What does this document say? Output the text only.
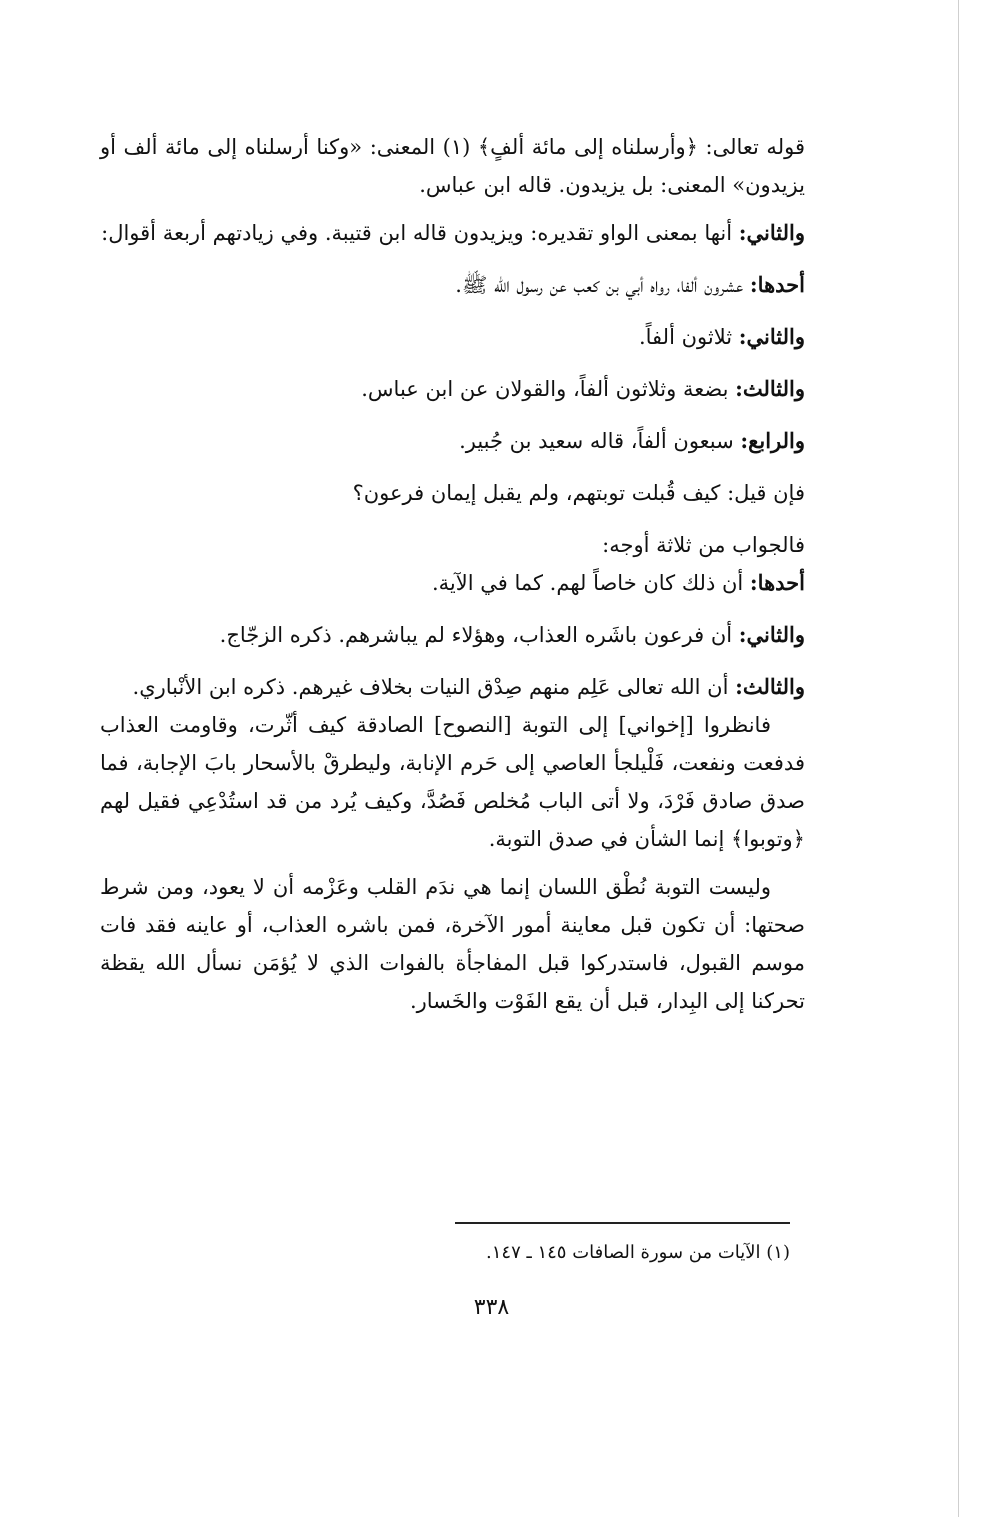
قوله تعالى: ﴿وأرسلناه إلى مائة ألفٍ﴾ (١) المعنى: «وكنا أرسلناه إلى مائة ألف أو يزيدون» المعنى: بل يزيدون. قاله ابن عباس.

والثاني: أنها بمعنى الواو تقديره: ويزيدون قاله ابن قتيبة. وفي زيادتهم أربعة أقوال:

أحدها: عشرون ألفا، رواه أبي بن كعب عن رسول الله ﷺ.

والثاني: ثلاثون ألفاً.

والثالث: بضعة وثلاثون ألفاً، والقولان عن ابن عباس.

والرابع: سبعون ألفاً، قاله سعيد بن جُبير.

فإن قيل: كيف قُبلت توبتهم، ولم يقبل إيمان فرعون؟

فالجواب من ثلاثة أوجه:

أحدها: أن ذلك كان خاصاً لهم. كما في الآية.

والثاني: أن فرعون باشَره العذاب، وهؤلاء لم يباشرهم. ذكره الزجّاج.

والثالث: أن الله تعالى عَلِم منهم صِدْق النيات بخلاف غيرهم. ذكره ابن الأنْباري.

فانظروا [إخواني] إلى التوبة [النصوح] الصادقة كيف أثّرت، وقاومت العذاب فدفعت ونفعت، فَلْيلجأ العاصي إلى حَرم الإنابة، وليطرقْ بالأسحار بابَ الإجابة، فما صدق صادق فَرْدَ، ولا أتى الباب مُخلص فَصُدَّ، وكيف يُرد من قد استُدْعِي فقيل لهم ﴿وتوبوا﴾ إنما الشأن في صدق التوبة.

وليست التوبة نُطْق اللسان إنما هي ندَم القلب وعَزْمه أن لا يعود، ومن شرط صحتها: أن تكون قبل معاينة أمور الآخرة، فمن باشره العذاب، أو عاينه فقد فات موسم القبول، فاستدركوا قبل المفاجأة بالفوات الذي لا يُؤمَن نسأل الله يقظة تحركنا إلى البِدار، قبل أن يقع الفَوْت والخَسار.

(١) الآيات من سورة الصافات ١٤٥ ـ ١٤٧.
٣٣٨
